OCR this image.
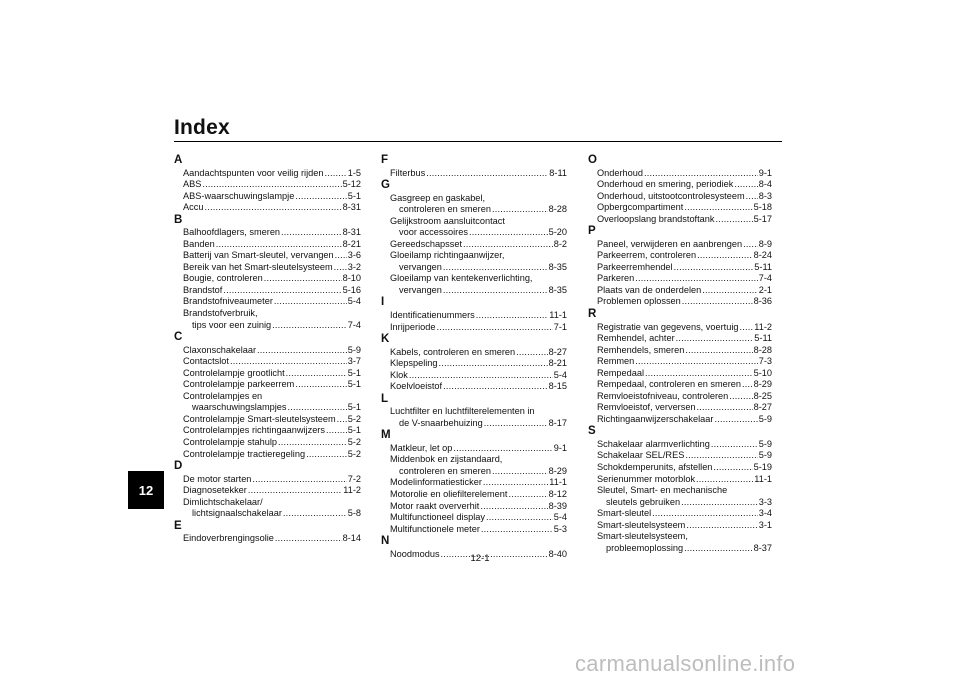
Index
A
Aandachtspunten voor veilig rijden .....	1-5
ABS .....	5-12
ABS-waarschuwingslampje .....	5-1
Accu .....	8-31
B
Balhoofdlagers, smeren .....	8-31
Banden .....	8-21
Batterij van Smart-sleutel, vervangen ..... 3-6
Bereik van het Smart-sleutelsysteem ..... 3-2
Bougie, controleren .....	8-10
Brandstof .....	5-16
Brandstofniveaumeter .....	5-4
Brandstofverbruik,
tips voor een zuinig .....	7-4
C
Claxonschakelaar .....	5-9
Contactslot .....	3-7
Controlelampje grootlicht .....	5-1
Controlelampje parkeerrem .....	5-1
Controlelampjes en
waarschuwingslampjes .....	5-1
Controlelampje Smart-sleutelsysteem ..... 5-2
Controlelampjes richtingaanwijzers ..... 5-1
Controlelampje stahulp .....	5-2
Controlelampje tractieregeling .....	5-2
D
De motor starten .....	7-2
Diagnosetekker .....	11-2
Dimlichtschakelaar/
lichtsignaalschakelaar .....	5-8
E
Eindoverbrengingsolie .....	8-14
F
Filterbus .....	8-11
G
Gasgreep en gaskabel,
controleren en smeren .....	8-28
Gelijkstroom aansluitcontact
voor accessoires .....	5-20
Gereedschapsset .....	8-2
Gloeilamp richtingaanwijzer,
vervangen .....	8-35
Gloeilamp van kentekenverlichting,
vervangen .....	8-35
I
Identificatienummers .....	11-1
Inrijperiode .....	7-1
K
Kabels, controleren en smeren .....	8-27
Klepspeling .....	8-21
Klok .....	5-4
Koelvloeistof .....	8-15
L
Luchtfilter en luchtfilterelementen in
de V-snaarbehuizing .....	8-17
M
Matkleur, let op .....	9-1
Middenbok en zijstandaard,
controleren en smeren .....	8-29
Modelinformatiesticker .....	11-1
Motorolie en oliefilterelement .....	8-12
Motor raakt oververhit .....	8-39
Multifunctioneel display .....	5-4
Multifunctionele meter .....	5-3
N
Noodmodus .....	8-40
O
Onderhoud .....	9-1
Onderhoud en smering, periodiek .....	8-4
Onderhoud, uitstootcontrolesysteem ..... 8-3
Opbergcompartiment .....	5-18
Overloopslang brandstoftank .....	5-17
P
Paneel, verwijderen en aanbrengen ..... 8-9
Parkeerrem, controleren .....	8-24
Parkeerremhendel .....	5-11
Parkeren .....	7-4
Plaats van de onderdelen .....	2-1
Problemen oplossen .....	8-36
R
Registratie van gegevens, voertuig ..... 11-2
Remhendel, achter .....	5-11
Remhendels, smeren .....	8-28
Remmen .....	7-3
Rempedaal .....	5-10
Rempedaal, controleren en smeren ..... 8-29
Remvloeistofniveau, controleren .....	8-25
Remvloeistof, verversen .....	8-27
Richtingaanwijzerschakelaar .....	5-9
S
Schakelaar alarmverlichting .....	5-9
Schakelaar SEL/RES .....	5-9
Schokdemperunits, afstellen .....	5-19
Serienummer motorblok .....	11-1
Sleutel, Smart- en mechanische
sleutels gebruiken .....	3-3
Smart-sleutel .....	3-4
Smart-sleutelsysteem .....	3-1
Smart-sleutelsysteem,
probleemoplossing .....	8-37
12
12-1
carmanualsonline.info
